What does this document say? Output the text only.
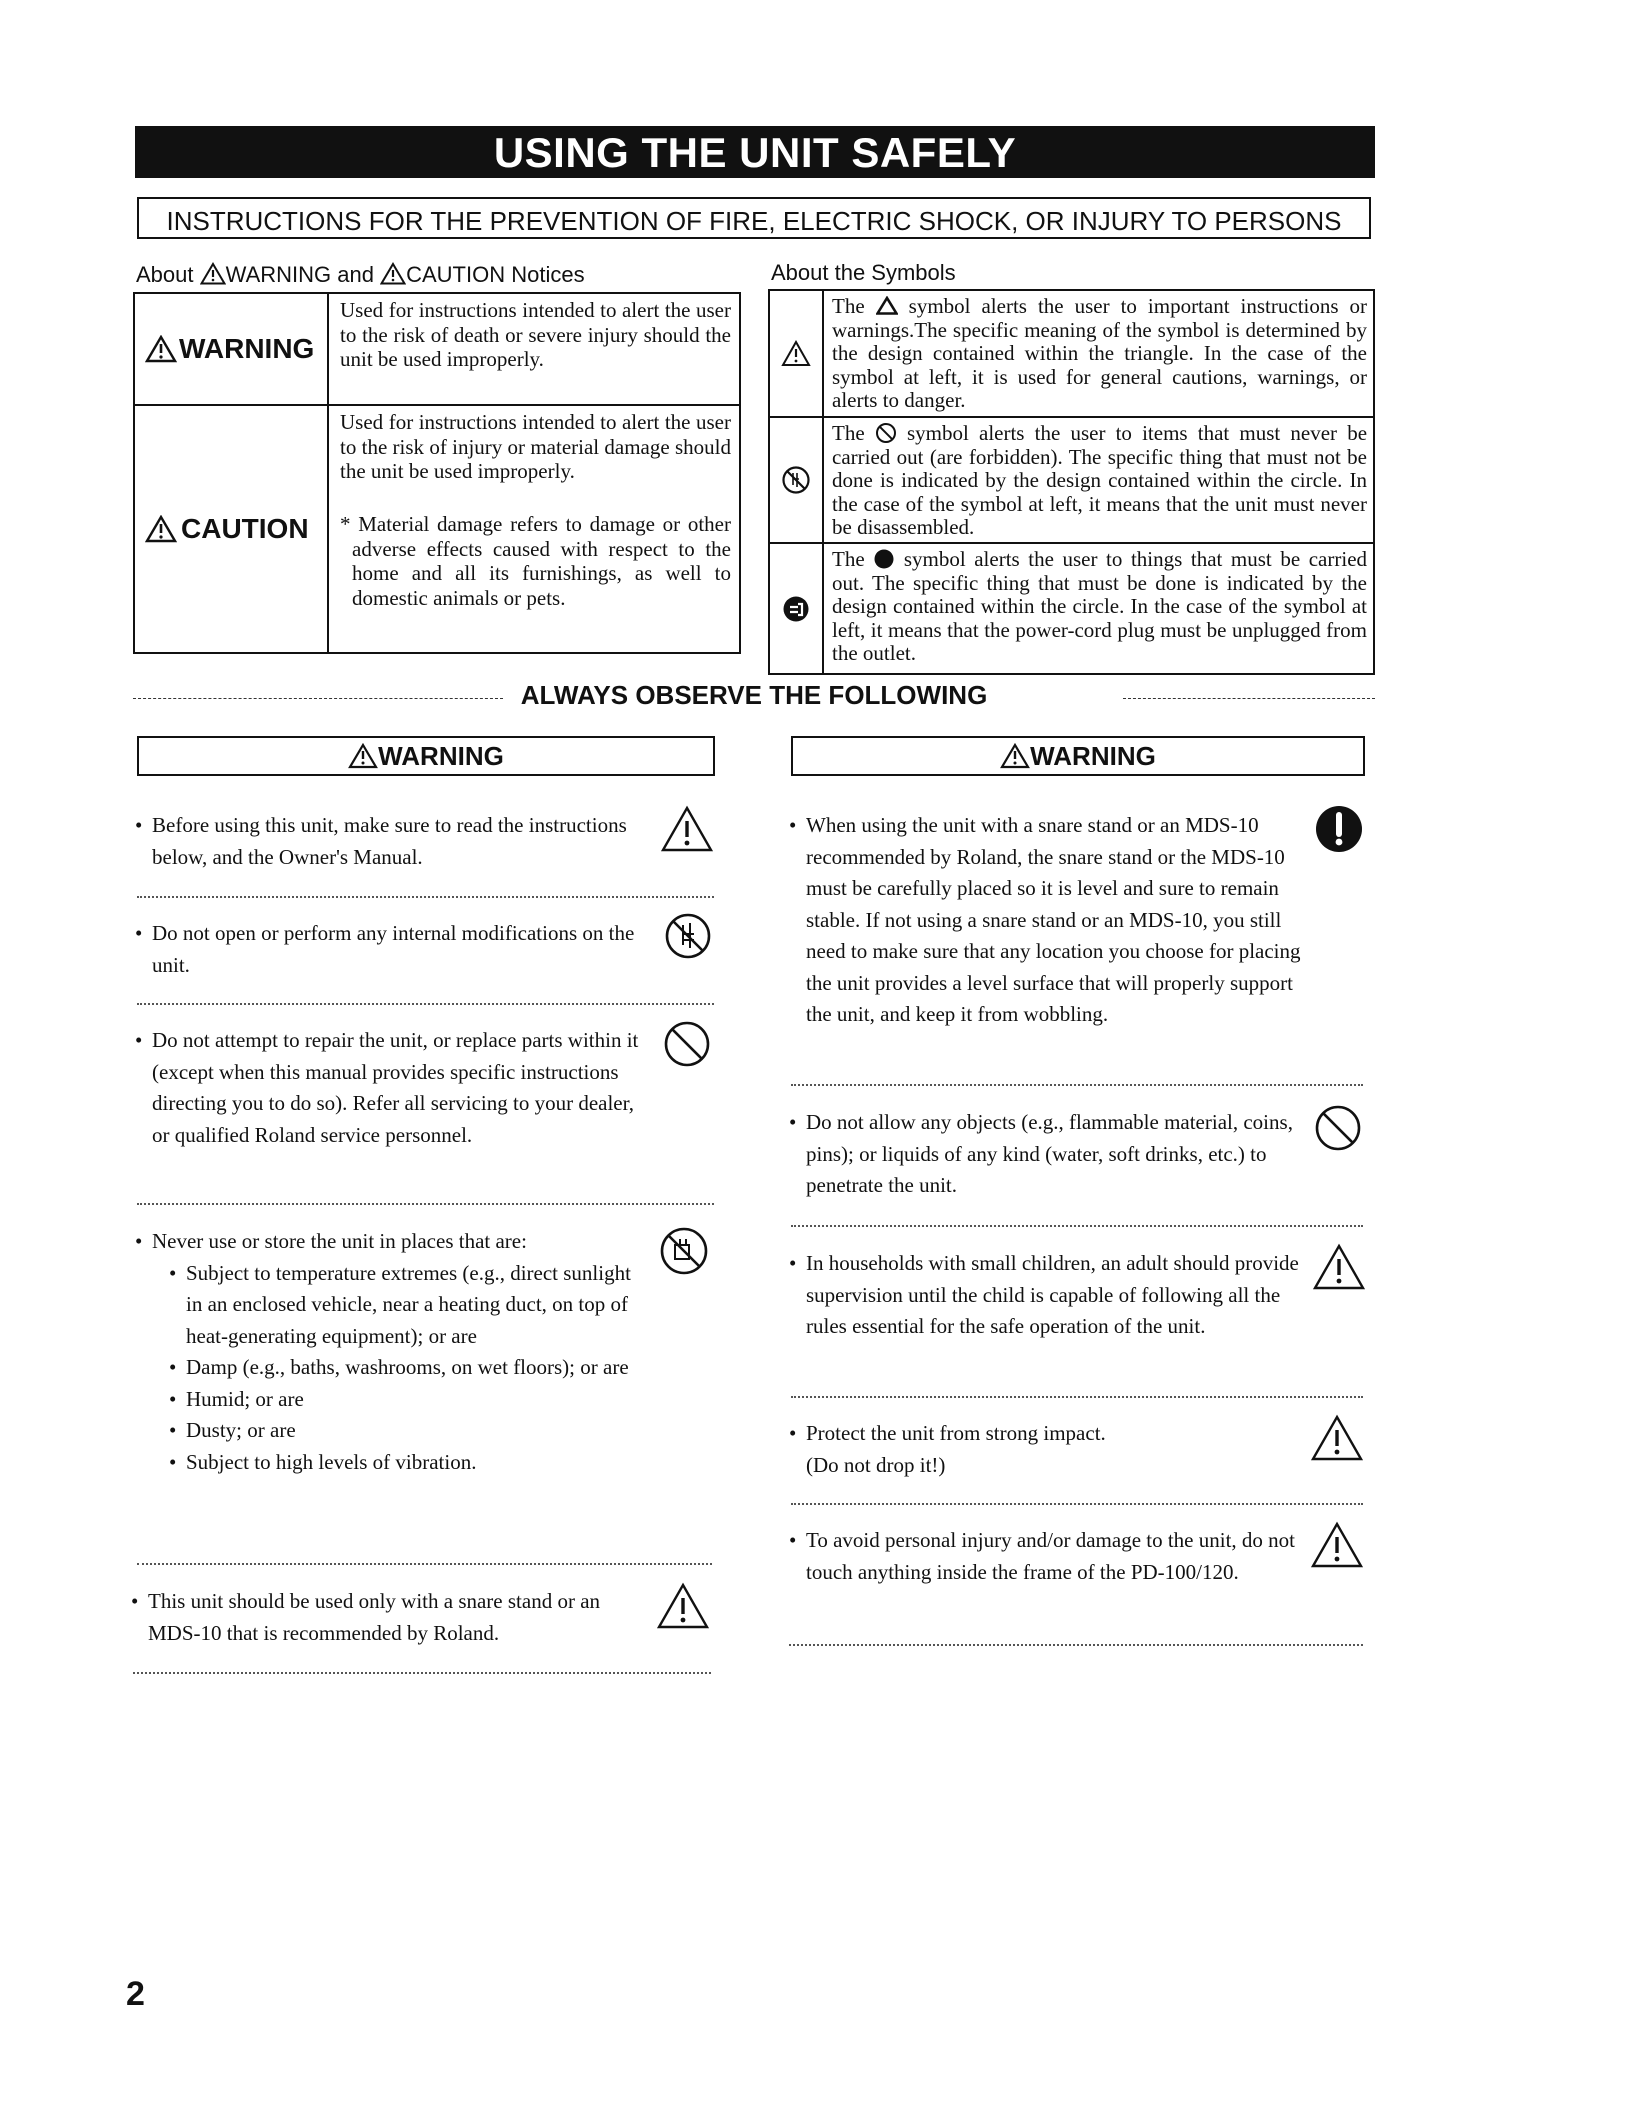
USING THE UNIT SAFELY
INSTRUCTIONS FOR THE PREVENTION OF FIRE, ELECTRIC SHOCK, OR INJURY TO PERSONS
About WARNING and CAUTION Notices	About the Symbols
WARNING
Used for instructions intended to alert the user to the risk of death or severe injury should the unit be used improperly.
CAUTION
Used for instructions intended to alert the user to the risk of injury or material damage should the unit be used improperly.
* Material damage refers to damage or other adverse effects caused with respect to the home and all its furnishings, as well to domestic animals or pets.
The symbol alerts the user to important instructions or warnings.The specific meaning of the symbol is determined by the design contained within the triangle. In the case of the symbol at left, it is used for general cautions, warnings, or alerts to danger.
The symbol alerts the user to items that must never be carried out (are forbidden). The specific thing that must not be done is indicated by the design contained within the circle. In the case of the symbol at left, it means that the unit must never be disassembled.
The symbol alerts the user to things that must be carried out. The specific thing that must be done is indicated by the design contained within the circle. In the case of the symbol at left, it means that the power-cord plug must be unplugged from the outlet.
ALWAYS OBSERVE THE FOLLOWING
WARNING	WARNING
• Before using this unit, make sure to read the instructions below, and the Owner's Manual.
• Do not open or perform any internal modifications on the unit.
• Do not attempt to repair the unit, or replace parts within it (except when this manual provides specific instructions directing you to do so). Refer all servicing to your dealer, or qualified Roland service personnel.
• Never use or store the unit in places that are:
• Subject to temperature extremes (e.g., direct sunlight in an enclosed vehicle, near a heating duct, on top of heat-generating equipment); or are
• Damp (e.g., baths, washrooms, on wet floors); or are
• Humid; or are
• Dusty; or are
• Subject to high levels of vibration.
• This unit should be used only with a snare stand or an MDS-10 that is recommended by Roland.
• When using the unit with a snare stand or an MDS-10 recommended by Roland, the snare stand or the MDS-10 must be carefully placed so it is level and sure to remain stable. If not using a snare stand or an MDS-10, you still need to make sure that any location you choose for placing the unit provides a level surface that will properly support the unit, and keep it from wobbling.
• Do not allow any objects (e.g., flammable material, coins, pins); or liquids of any kind (water, soft drinks, etc.) to penetrate the unit.
• In households with small children, an adult should provide supervision until the child is capable of following all the rules essential for the safe operation of the unit.
• Protect the unit from strong impact.
(Do not drop it!)
• To avoid personal injury and/or damage to the unit, do not touch anything inside the frame of the PD-100/120.
2
